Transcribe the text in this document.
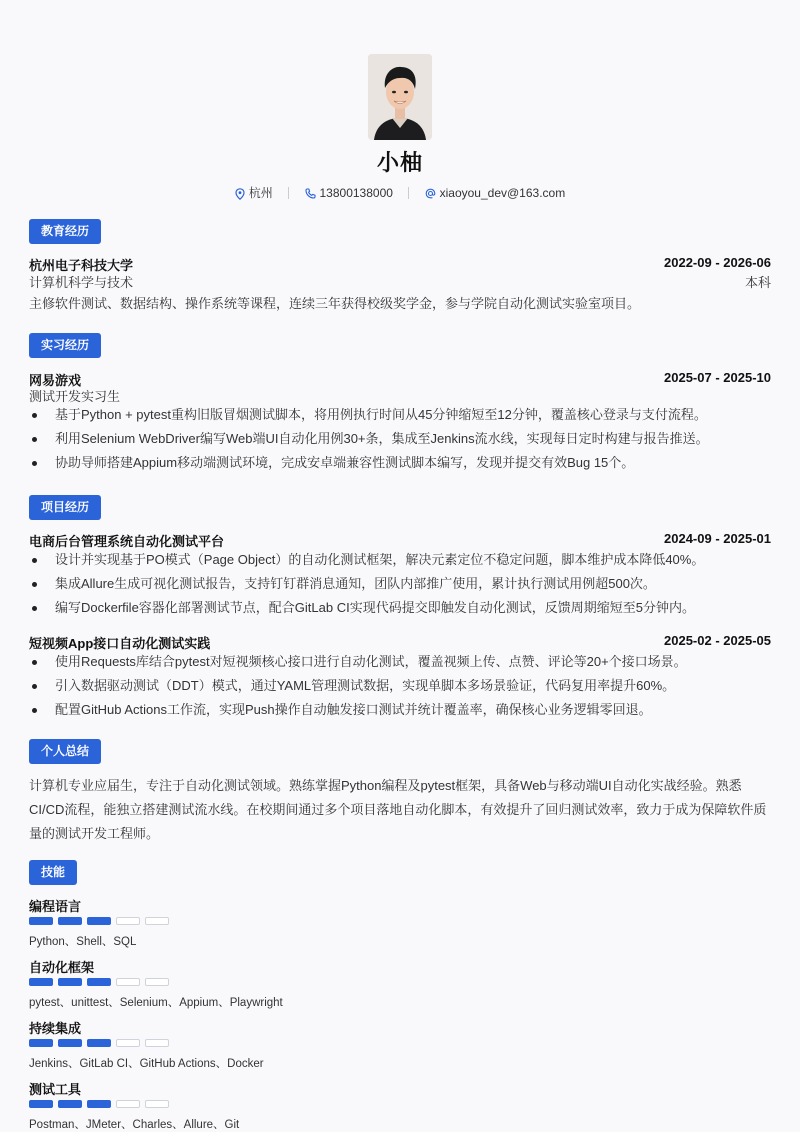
小柚
杭州	13800138000	xiaoyou_dev@163.com
教育经历
杭州电子科技大学	2022-09 - 2026-06
计算机科学与技术	本科
主修软件测试、数据结构、操作系统等课程，连续三年获得校级奖学金，参与学院自动化测试实验室项目。
实习经历
网易游戏	2025-07 - 2025-10
测试开发实习生
基于Python + pytest重构旧版冒烟测试脚本，将用例执行时间从45分钟缩短至12分钟，覆盖核心登录与支付流程。
利用Selenium WebDriver编写Web端UI自动化用例30+条，集成至Jenkins流水线，实现每日定时构建与报告推送。
协助导师搭建Appium移动端测试环境，完成安卓端兼容性测试脚本编写，发现并提交有效Bug 15个。
项目经历
电商后台管理系统自动化测试平台	2024-09 - 2025-01
设计并实现基于PO模式（Page Object）的自动化测试框架，解决元素定位不稳定问题，脚本维护成本降低40%。
集成Allure生成可视化测试报告，支持钉钉群消息通知，团队内部推广使用，累计执行测试用例超500次。
编写Dockerfile容器化部署测试节点，配合GitLab CI实现代码提交即触发自动化测试，反馈周期缩短至5分钟内。
短视频App接口自动化测试实践	2025-02 - 2025-05
使用Requests库结合pytest对短视频核心接口进行自动化测试，覆盖视频上传、点赞、评论等20+个接口场景。
引入数据驱动测试（DDT）模式，通过YAML管理测试数据，实现单脚本多场景验证，代码复用率提升60%。
配置GitHub Actions工作流，实现Push操作自动触发接口测试并统计覆盖率，确保核心业务逻辑零回退。
个人总结
计算机专业应届生，专注于自动化测试领域。熟练掌握Python编程及pytest框架，具备Web与移动端UI自动化实战经验。熟悉CI/CD流程，能独立搭建测试流水线。在校期间通过多个项目落地自动化脚本，有效提升了回归测试效率，致力于成为保障软件质量的测试开发工程师。
技能
编程语言
Python、Shell、SQL
自动化框架
pytest、unittest、Selenium、Appium、Playwright
持续集成
Jenkins、GitLab CI、GitHub Actions、Docker
测试工具
Postman、JMeter、Charles、Allure、Git
